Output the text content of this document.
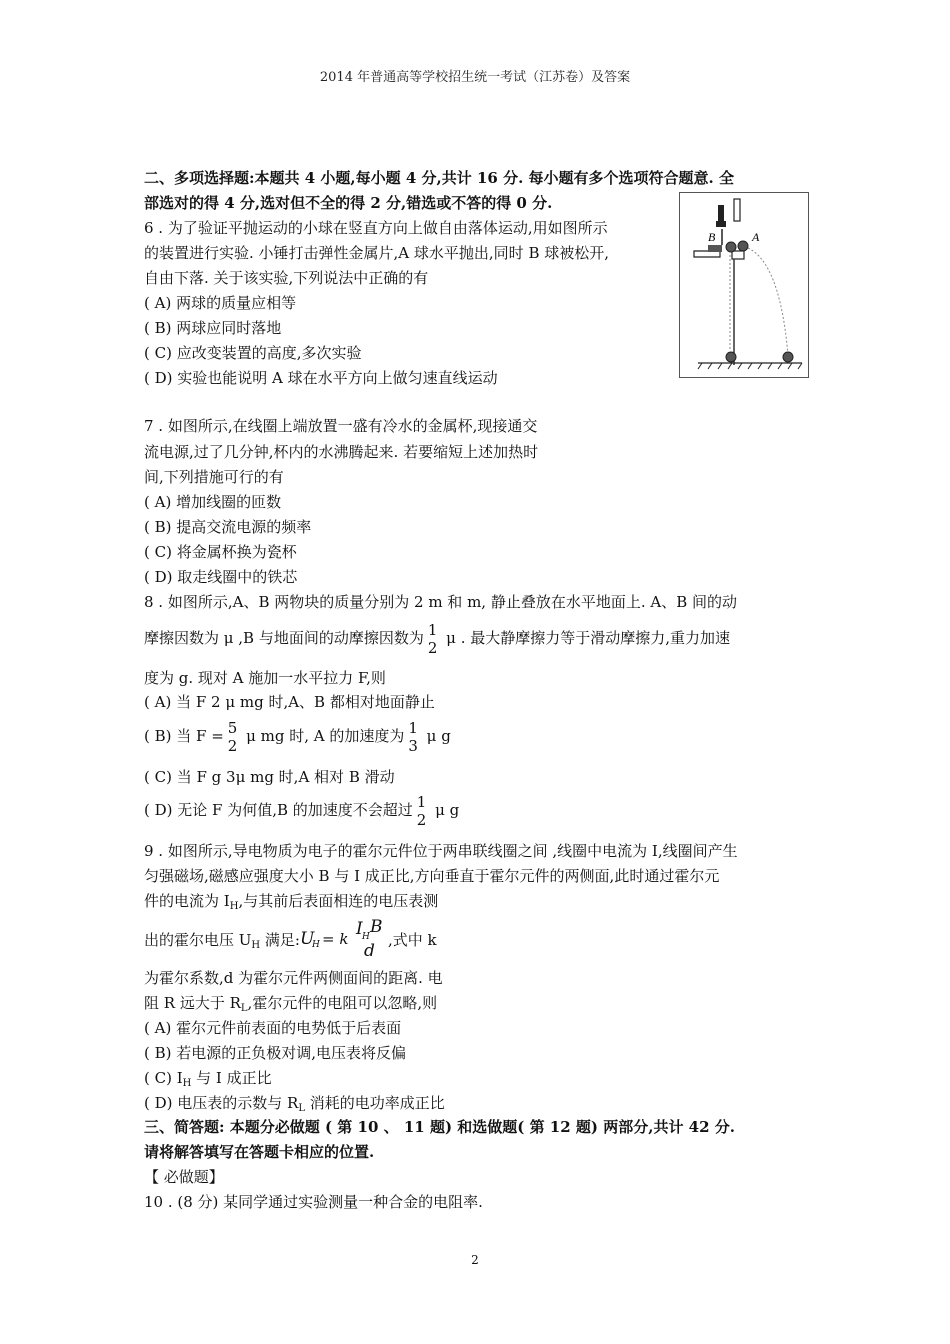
2014 年普通高等学校招生统一考试（江苏卷）及答案
二、多项选择题:本题共 4 小题,每小题 4 分,共计 16 分. 每小题有多个选项符合题意. 全
部选对的得 4 分,选对但不全的得 2 分,错选或不答的得 0 分.
6 . 为了验证平抛运动的小球在竖直方向上做自由落体运动,用如图所示
的装置进行实验. 小锤打击弹性金属片,A 球水平抛出,同时 B 球被松开,
自由下落. 关于该实验,下列说法中正确的有
( A) 两球的质量应相等
( B) 两球应同时落地
( C) 应改变装置的高度,多次实验
( D) 实验也能说明 A 球在水平方向上做匀速直线运动
B	A
7 . 如图所示,在线圈上端放置一盛有冷水的金属杯,现接通交
流电源,过了几分钟,杯内的水沸腾起来. 若要缩短上述加热时
间,下列措施可行的有
( A) 增加线圈的匝数
( B) 提高交流电源的频率
( C) 将金属杯换为瓷杯
( D) 取走线圈中的铁芯
8 . 如图所示,A、B 两物块的质量分别为 2 m 和 m, 静止叠放在水平地面上. A、B 间的动
摩擦因数为 μ ,B 与地面间的动摩擦因数为 1
2
μ . 最大静摩擦力等于滑动摩擦力,重力加速
度为 g. 现对 A 施加一水平拉力 F,则
( A) 当 F 2 μ mg 时,A、B 都相对地面静止
( B) 当 F = 5
2
μ mg 时, A 的加速度为 1
3
μ g
( C) 当 F g 3μ mg 时,A 相对 B 滑动
( D) 无论 F 为何值,B 的加速度不会超过 1
2
μ g
9 . 如图所示,导电物质为电子的霍尔元件位于两串联线圈之间 ,线圈中电流为 I,线圈间产生
匀强磁场,磁感应强度大小 B 与 I 成正比,方向垂直于霍尔元件的两侧面,此时通过霍尔元
件的电流为 $I_H$,与其前后表面相连的电压表测
出的霍尔电压 $U_H$ 满足: U
H = k I H B
d
,式中 k
为霍尔系数,d 为霍尔元件两侧面间的距离. 电
阻 R 远大于 $R_L$,霍尔元件的电阻可以忽略,则
( A) 霍尔元件前表面的电势低于后表面
( B) 若电源的正负极对调,电压表将反偏
( C) $I_H$ 与 I 成正比
( D) 电压表的示数与 $R_L$ 消耗的电功率成正比
三、简答题: 本题分必做题 ( 第 10 、 11 题) 和选做题( 第 12 题) 两部分,共计 42 分.
请将解答填写在答题卡相应的位置.
【 必做题】
10 . (8 分) 某同学通过实验测量一种合金的电阻率.
2
